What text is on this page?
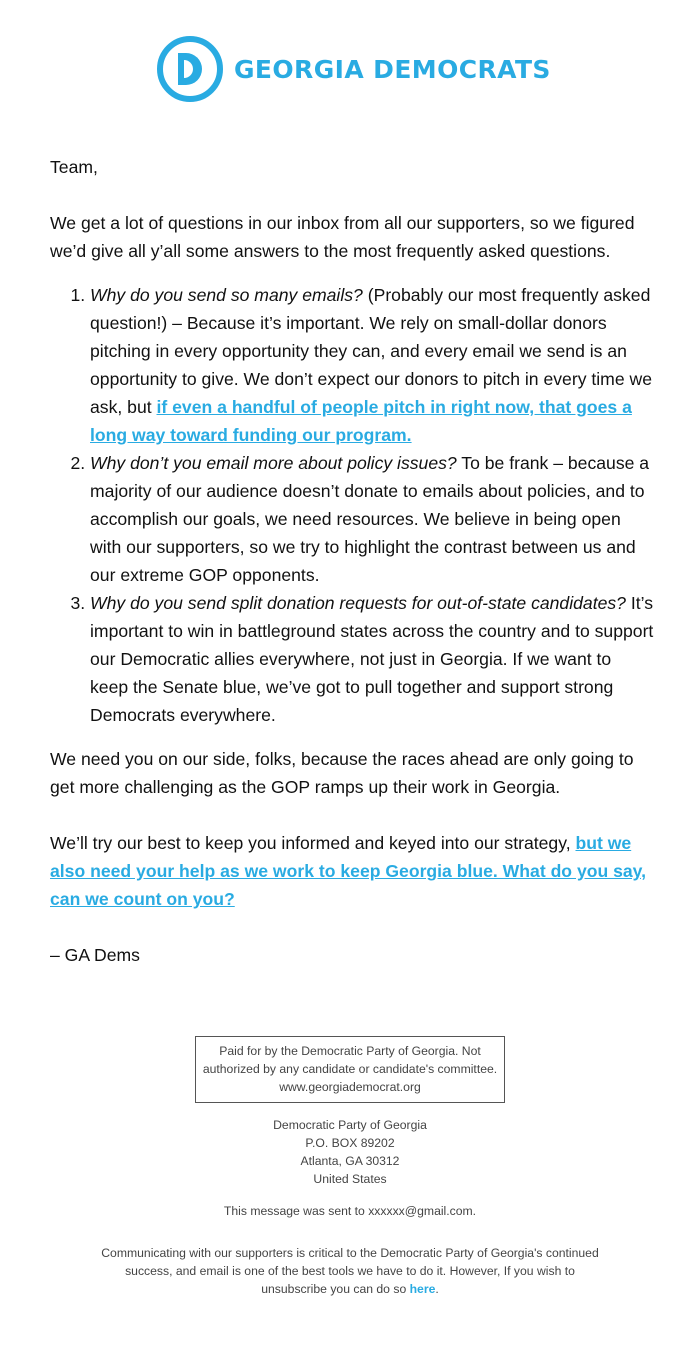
GEORGIA DEMOCRATS

Team,

We get a lot of questions in our inbox from all our supporters, so we figured we’d give all y’all some answers to the most frequently asked questions.

1. Why do you send so many emails? (Probably our most frequently asked question!) – Because it’s important. We rely on small-dollar donors pitching in every opportunity they can, and every email we send is an opportunity to give. We don’t expect our donors to pitch in every time we ask, but if even a handful of people pitch in right now, that goes a long way toward funding our program.
2. Why don’t you email more about policy issues? To be frank – because a majority of our audience doesn’t donate to emails about policies, and to accomplish our goals, we need resources. We believe in being open with our supporters, so we try to highlight the contrast between us and our extreme GOP opponents.
3. Why do you send split donation requests for out-of-state candidates? It’s important to win in battleground states across the country and to support our Democratic allies everywhere, not just in Georgia. If we want to keep the Senate blue, we’ve got to pull together and support strong Democrats everywhere.

We need you on our side, folks, because the races ahead are only going to get more challenging as the GOP ramps up their work in Georgia.

We’ll try our best to keep you informed and keyed into our strategy, but we also need your help as we work to keep Georgia blue. What do you say, can we count on you?

– GA Dems

Paid for by the Democratic Party of Georgia. Not
authorized by any candidate or candidate's committee.
www.georgiademocrat.org
Democratic Party of Georgia
P.O. BOX 89202
Atlanta, GA 30312
United States
This message was sent to xxxxxx@gmail.com.
Communicating with our supporters is critical to the Democratic Party of Georgia's continued success, and email is one of the best tools we have to do it. However, If you wish to unsubscribe you can do so here.
